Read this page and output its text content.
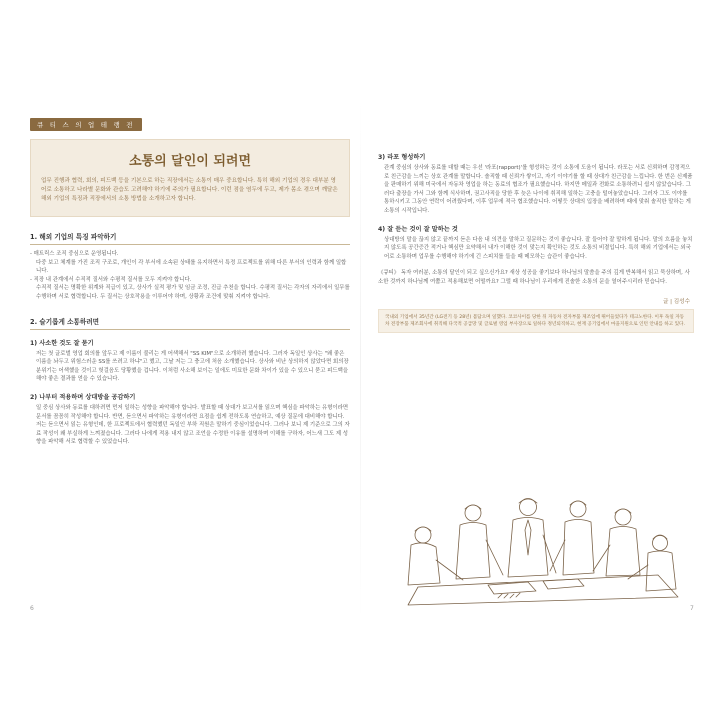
큐 티 스 의 업 테 랭 전
소통의 달인이 되려면

업무 진행과 협력, 회의, 피드백 등을 기본으로 하는 직장에서는 소통이 매우 중요합니다. 특히 해외 기업의 경우 대부분 영어로 소통하고 나라별 문화와 관습도 고려해야 하기에 주의가 필요합니다. 이런 점을 염두에 두고, 제가 몸소 겪으며 깨달은 해외 기업의 특징과 직장에서의 소통 방법을 소개하고자 합니다.

1. 해외 기업의 특징 파악하기

- 매트릭스 조직 중심으로 운영됩니다.

다중 보고 체계를 가진 조직 구조로, 개인이 각 부서에 소속된 상태를 유지하면서 특정 프로젝트를 위해 다른 부서의 인력과 함께 일합니다.

- 직장 내 관계에서 수직적 질서와 수평적 질서를 모두 지켜야 합니다.

수직적 질서는 명확한 위계와 직급이 있고, 상사가 실적 평가 및 임금 조정, 진급 추천을 합니다. 수평적 질서는 각자의 자리에서 일무를 수행하며 서로 협력합니다. 두 질서는 상호작용을 이루어야 하며, 상황과 조건에 맞춰 지켜야 합니다.

2. 슬기롭게 소통하려면
1) 사소한 것도 잘 묻기

저는 첫 글로벌 영업 회의를 앞두고 제 이름이 불리는 게 어색해서 "SS KIM"으로 소개하려 했습니다. 그러자 독일인 상사는 "왜 좋은 이름을 놔두고 위험스러운 SS를 쓰려고 하냐"고 했고, 그날 저는 그 충고에 처음 소개했습니다. 상사와 비난 상의하지 않았다면 회의장 분위기는 어색했을 것이고 헛걸음도 당황했을 겁니다. 이처럼 사소해 보이는 일에도 미묘한 문화 차이가 있을 수 있으니 묻고 피드백을 해야 좋은 결과를 얻을 수 있습니다.

2) 나부터 적용하며 상대방을 공감하기

일 중심 상사와 동료를 대하려면 먼저 일하는 성향을 파악해야 합니다. 발표할 때 상대가 보고서를 읽으며 핵심을 파악하는 유형이라면 문서를 꼼꼼히 작성해야 합니다. 반면, 듣으면서 파악하는 유형이라면 요점을 쉽게 전하도록 연습하고, 예상 질문에 대비해야 합니다. 저는 듣으면서 읽는 유형인데, 한 프로젝트에서 협력했던 독일인 부하 직원은 말하기 중심이었습니다. 그러나 보니 제 기준으로 그의 자료 작성이 왜 부실하게 느껴졌습니다. 그러다 나에게 적용 내지 않고 조언을 수정한 이유를 설명하며 이해를 구하자, 어느새 그도 제 성향을 파악해 서로 협력할 수 있었습니다.

6
3) 라포 형성하기

관계 중심의 상사와 동료를 대할 때는 우선 '라포(rapport)'를 형성하는 것이 소통에 도움이 됩니다. 라포는 서로 신뢰하며 감정적으로 친근감을 느끼는 상호 관계를 말합니다. 솔직할 때 신뢰가 쌓이고, 자기 이야기를 할 때 상대가 친근감을 느낍니다. 한 번은 신제품을 판매하기 위해 미국에서 자동차 영업을 하는 동료의 협조가 필요했습니다. 하지만 메일과 전화로 소통하려니 쉽지 않았습니다. 그러다 출장을 가서 그와 함께 식사하며, 권고사직을 당한 후 늦은 나이에 취직해 일하는 고충을 털어놓았습니다. 그러자 그도 이야를 통하시키고 그동안 연락이 어려웠다며, 이후 업무에 적극 협조했습니다. 어떻듯 상대의 입장을 배려하며 때에 맞춰 솔직한 말하는 게 소통의 시작입니다.

4) 잘 듣는 것이 잘 말하는 것

상대방의 말을 끊지 않고 끝까지 듣은 다음 내 의견을 말하고 질문하는 것이 좋습니다. 잘 들어야 잘 말하게 됩니다. 말의 흐름을 놓치지 않도록 공간증간 적거나 핵심만 요약해서 내가 이해한 것이 맞는지 확인하는 것도 소통의 비결입니다. 특히 해외 기업에서는 외국어로 소통하며 업무를 수행해야 하기에 긴 스피치를 들을 때 메모하는 습관이 좋습니다.

《큐티》 독자 여러분, 소통의 달인이 되고 싶으신가요? 새상 성공을 좋기보다 하나님의 말씀을 주의 깊게 반복해서 읽고 묵상하며, 사소한 것까지 하나님께 여쭙고 적용해보면 어떨까요? 그럴 때 하나님이 우리에게 진솔한 소통의 문을 열어주시리라 믿습니다.

글 | 김성수

국내외 기업에서 35년간 (LG전기 등 28년) 몸담으며 일했다. 코코사이를 당한 뒤 자동차 전자부품 제조업에 뛰어들었다가 테크노한다. 이후 독일 자동차 전장부품 제조회사에 취직해 다국적 공급망 및 글로벌 영업 부사장으로 일하다 정년퇴직하고, 현재 공기업에서 마을지원으로 인턴 안내를 하고 있다.

7
